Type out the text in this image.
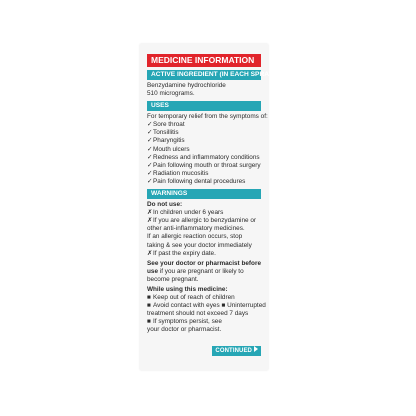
MEDICINE INFORMATION
ACTIVE INGREDIENT (IN EACH SPRAY)

Benzydamine hydrochloride

510 micrograms.

USES

For temporary relief from the symptoms of:

✓Sore throat
✓Tonsillitis
✓Pharyngitis
✓Mouth ulcers
✓Redness and inflammatory conditions
✓Pain following mouth or throat surgery
✓Radiation mucositis
✓Pain following dental procedures
WARNINGS

Do not use:

✗In children under 6 years
✗If you are allergic to benzydamine or

other anti-inflammatory medicines.

If an allergic reaction occurs, stop

taking & see your doctor immediately

✗If past the expiry date.

See your doctor or pharmacist before

use if you are pregnant or likely to

become pregnant.

While using this medicine:

■ Keep out of reach of children
■ Avoid contact with eyes ■ Uninterrupted

treatment should not exceed 7 days

■ If symptoms persist, see

your doctor or pharmacist.

CONTINUED
